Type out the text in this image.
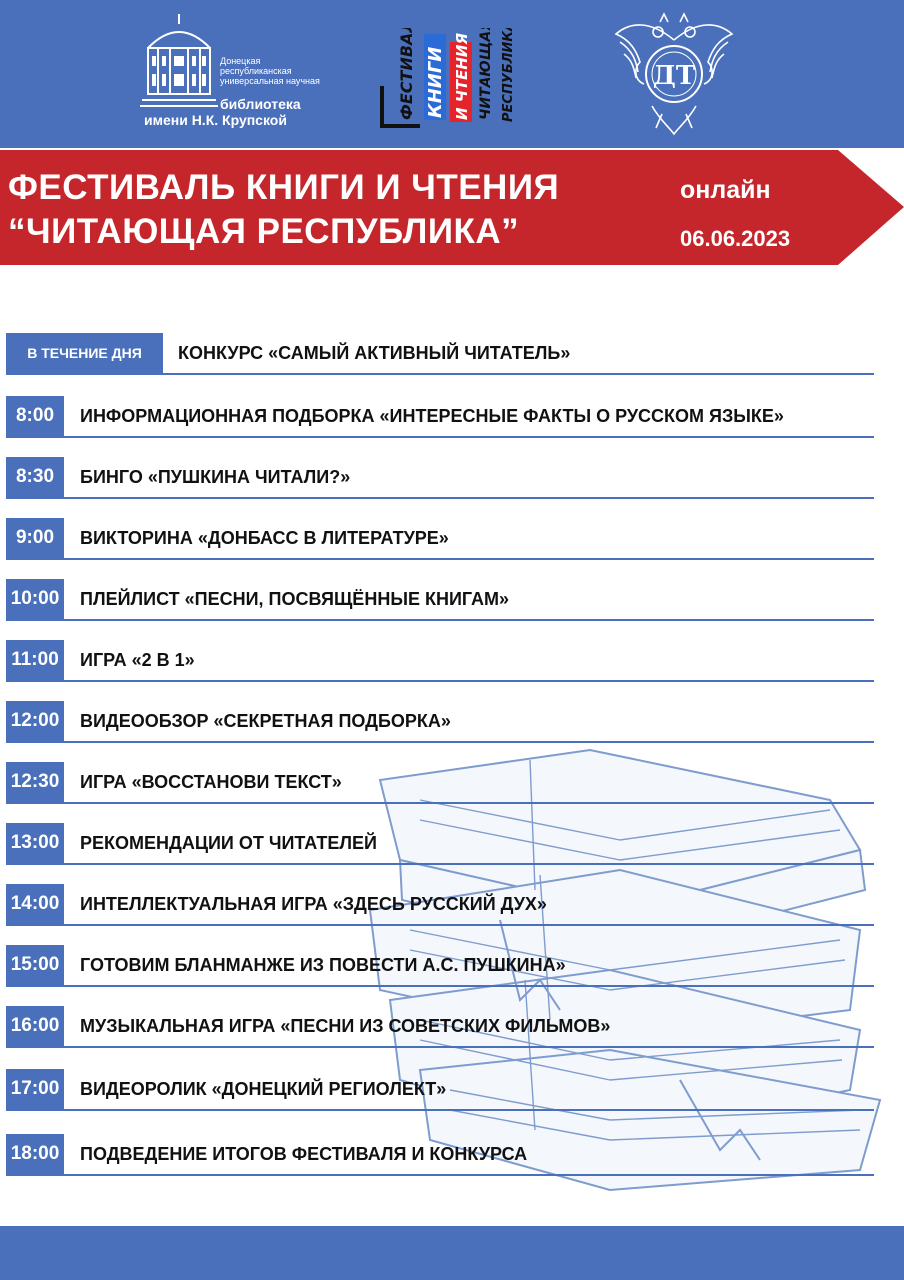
Донецкая республиканская универсальная научная
библиотека
имени Н.К. Крупской	ФЕСТИВАЛЬ КНИГИ И ЧТЕНИЯ ЧИТАЮЩАЯ РЕСПУБЛИКА	ДТ
ФЕСТИВАЛЬ КНИГИ И ЧТЕНИЯ
“ЧИТАЮЩАЯ РЕСПУБЛИКА”
онлайн
06.06.2023
В ТЕЧЕНИЕ ДНЯ	КОНКУРС «САМЫЙ АКТИВНЫЙ ЧИТАТЕЛЬ»
8:00	ИНФОРМАЦИОННАЯ ПОДБОРКА «ИНТЕРЕСНЫЕ ФАКТЫ О РУССКОМ ЯЗЫКЕ»
8:30	БИНГО «ПУШКИНА ЧИТАЛИ?»
9:00	ВИКТОРИНА «ДОНБАСС В ЛИТЕРАТУРЕ»
10:00 ПЛЕЙЛИСТ «ПЕСНИ, ПОСВЯЩЁННЫЕ КНИГАМ»
11:00 ИГРА «2 В 1»
12:00 ВИДЕООБЗОР «СЕКРЕТНАЯ ПОДБОРКА»
12:30 ИГРА «ВОССТАНОВИ ТЕКСТ»
13:00 РЕКОМЕНДАЦИИ ОТ ЧИТАТЕЛЕЙ
14:00 ИНТЕЛЛЕКТУАЛЬНАЯ ИГРА «ЗДЕСЬ РУССКИЙ ДУХ»
15:00 ГОТОВИМ БЛАНМАНЖЕ ИЗ ПОВЕСТИ А.С. ПУШКИНА»
16:00 МУЗЫКАЛЬНАЯ ИГРА «ПЕСНИ ИЗ СОВЕТСКИХ ФИЛЬМОВ»
17:00 ВИДЕОРОЛИК «ДОНЕЦКИЙ РЕГИОЛЕКТ»
18:00 ПОДВЕДЕНИЕ ИТОГОВ ФЕСТИВАЛЯ И КОНКУРСА
